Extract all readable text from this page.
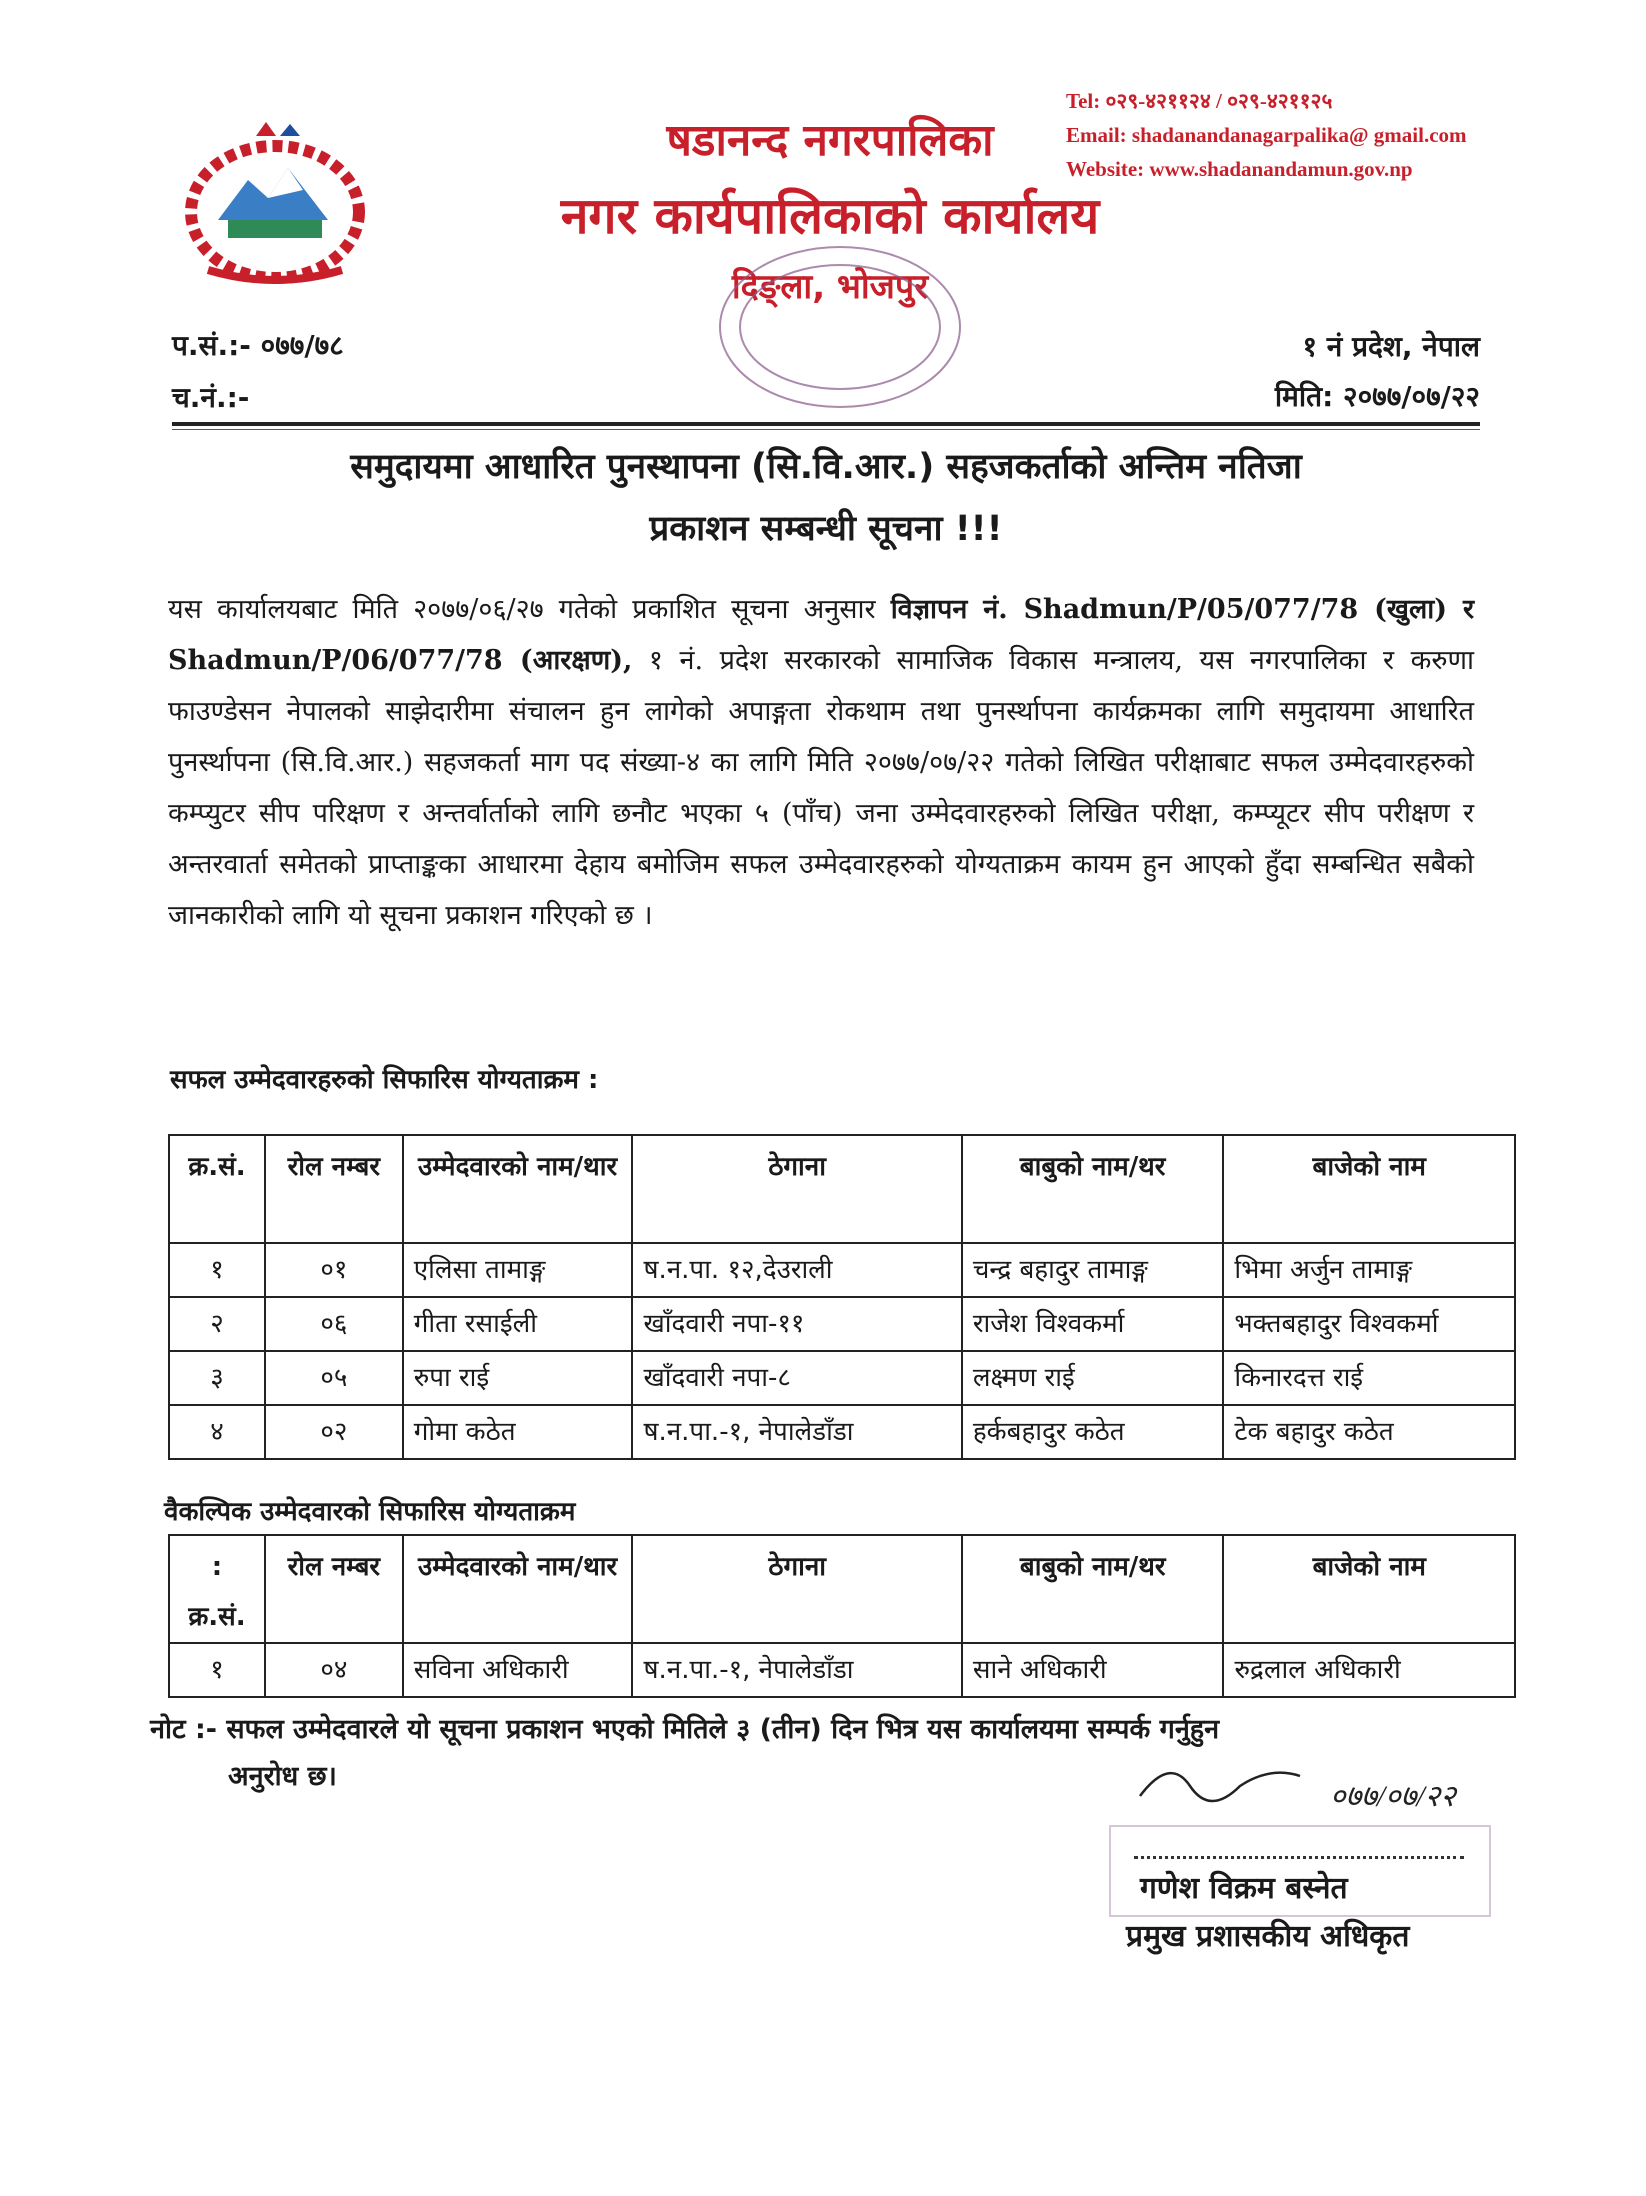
षडानन्द नगरपालिका
नगर कार्यपालिकाको कार्यालय
दिङ्ला, भोजपुर
Tel: ०२९-४२११२४ / ०२९-४२११२५
Email: shadanandanagarpalika@ gmail.com
Website: www.shadanandamun.gov.np
प.सं.:- ०७७/७८
च.नं.:-
१ नं प्रदेश, नेपाल
मिति: २०७७/०७/२२
समुदायमा आधारित पुनस्थापना (सि.वि.आर.) सहजकर्ताको अन्तिम नतिजा
प्रकाशन सम्बन्धी सूचना !!!
यस कार्यालयबाट मिति २०७७/०६/२७ गतेको प्रकाशित सूचना अनुसार विज्ञापन नं. Shadmun/P/05/077/78 (खुला) र Shadmun/P/06/077/78 (आरक्षण), १ नं. प्रदेश सरकारको सामाजिक विकास मन्त्रालय, यस नगरपालिका र करुणा फाउण्डेसन नेपालको साझेदारीमा संचालन हुन लागेको अपाङ्गता रोकथाम तथा पुनर्स्थापना कार्यक्रमका लागि समुदायमा आधारित पुनर्स्थापना (सि.वि.आर.) सहजकर्ता माग पद संख्या-४ का लागि मिति २०७७/०७/२२ गतेको लिखित परीक्षाबाट सफल उम्मेदवारहरुको कम्प्युटर सीप परिक्षण र अन्तर्वार्ताको लागि छनौट भएका ५ (पाँच) जना उम्मेदवारहरुको लिखित परीक्षा, कम्प्यूटर सीप परीक्षण र अन्तरवार्ता समेतको प्राप्ताङ्कका आधारमा देहाय बमोजिम सफल उम्मेदवारहरुको योग्यताक्रम कायम हुन आएको हुँदा सम्बन्धित सबैको जानकारीको लागि यो सूचना प्रकाशन गरिएको छ ।
सफल उम्मेदवारहरुको सिफारिस योग्यताक्रम :
क्र.सं.	रोल नम्बर	उम्मेदवारको नाम/थार	ठेगाना	बाबुको नाम/थर	बाजेको नाम
१	०१	एलिसा तामाङ्ग	ष.न.पा. १२,देउराली	चन्द्र बहादुर तामाङ्ग	भिमा अर्जुन तामाङ्ग
२	०६	गीता रसाईली	खाँदवारी नपा-११	राजेश विश्वकर्मा	भक्तबहादुर विश्वकर्मा
३	०५	रुपा राई	खाँदवारी नपा-८	लक्ष्मण राई	किनारदत्त राई
४	०२	गोमा कठेत	ष.न.पा.-१, नेपालेडाँडा	हर्कबहादुर कठेत	टेक बहादुर कठेत
वैकल्पिक उम्मेदवारको सिफारिस योग्यताक्रम
:
क्र.सं.	रोल नम्बर	उम्मेदवारको नाम/थार	ठेगाना	बाबुको नाम/थर	बाजेको नाम
१	०४	सविना अधिकारी	ष.न.पा.-१, नेपालेडाँडा	साने अधिकारी	रुद्रलाल अधिकारी
नोट :- सफल उम्मेदवारले यो सूचना प्रकाशन भएको मितिले ३ (तीन) दिन भित्र यस कार्यालयमा सम्पर्क गर्नुहुन
अनुरोध छ।
०७७/०७/२२
गणेश विक्रम बस्नेत
प्रमुख प्रशासकीय अधिकृत
